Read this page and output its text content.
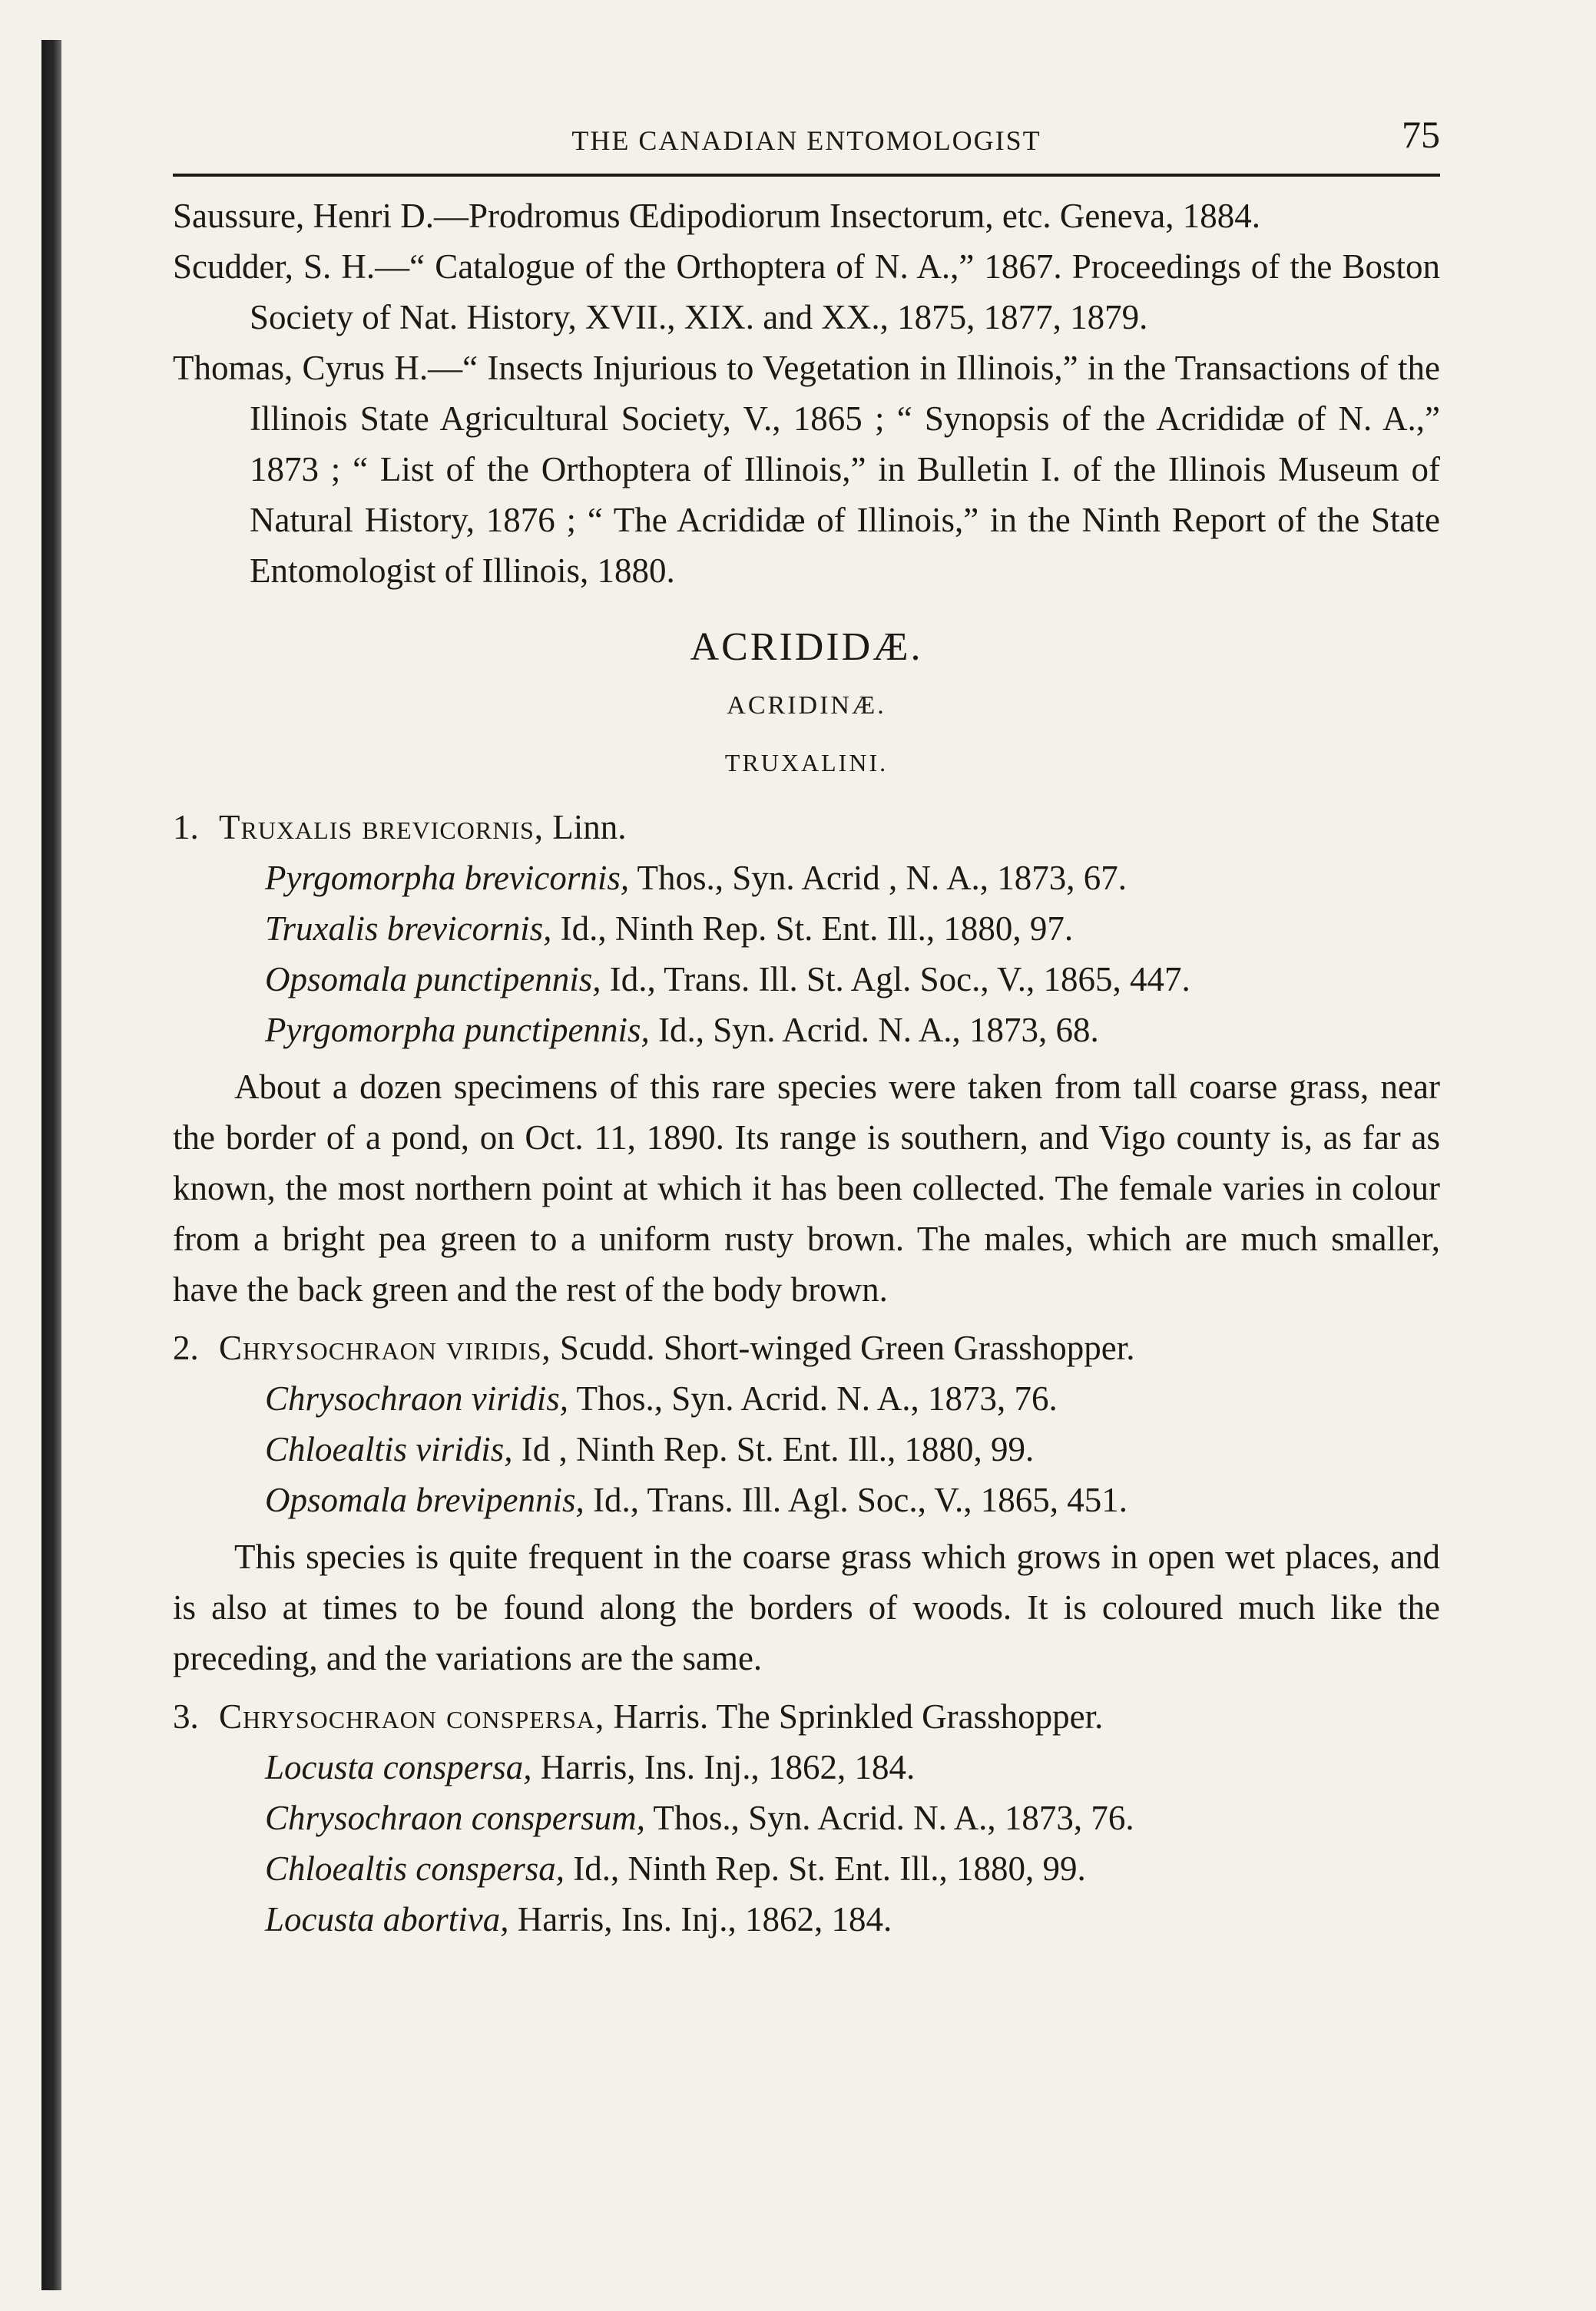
THE CANADIAN ENTOMOLOGIST	75

Saussure, Henri D.—Prodromus Œdipodiorum Insectorum, etc. Geneva, 1884.

Scudder, S. H.—“ Catalogue of the Orthoptera of N. A.,” 1867. Proceedings of the Boston Society of Nat. History, XVII., XIX. and XX., 1875, 1877, 1879.

Thomas, Cyrus H.—“ Insects Injurious to Vegetation in Illinois,” in the Transactions of the Illinois State Agricultural Society, V., 1865 ; “ Synopsis of the Acrididæ of N. A.,” 1873 ; “ List of the Orthoptera of Illinois,” in Bulletin I. of the Illinois Museum of Natural History, 1876 ; “ The Acrididæ of Illinois,” in the Ninth Report of the State Entomologist of Illinois, 1880.

ACRIDIDÆ.
ACRIDINÆ.
TRUXALINI.

1. Truxalis brevicornis, Linn.

Pyrgomorpha brevicornis, Thos., Syn. Acrid , N. A., 1873, 67.

Truxalis brevicornis, Id., Ninth Rep. St. Ent. Ill., 1880, 97.

Opsomala punctipennis, Id., Trans. Ill. St. Agl. Soc., V., 1865, 447.

Pyrgomorpha punctipennis, Id., Syn. Acrid. N. A., 1873, 68.

About a dozen specimens of this rare species were taken from tall coarse grass, near the border of a pond, on Oct. 11, 1890. Its range is southern, and Vigo county is, as far as known, the most northern point at which it has been collected. The female varies in colour from a bright pea green to a uniform rusty brown. The males, which are much smaller, have the back green and the rest of the body brown.

2. Chrysochraon viridis, Scudd. Short-winged Green Grasshopper.

Chrysochraon viridis, Thos., Syn. Acrid. N. A., 1873, 76.

Chloealtis viridis, Id , Ninth Rep. St. Ent. Ill., 1880, 99.

Opsomala brevipennis, Id., Trans. Ill. Agl. Soc., V., 1865, 451.

This species is quite frequent in the coarse grass which grows in open wet places, and is also at times to be found along the borders of woods. It is coloured much like the preceding, and the variations are the same.

3. Chrysochraon conspersa, Harris. The Sprinkled Grasshopper.

Locusta conspersa, Harris, Ins. Inj., 1862, 184.

Chrysochraon conspersum, Thos., Syn. Acrid. N. A., 1873, 76.

Chloealtis conspersa, Id., Ninth Rep. St. Ent. Ill., 1880, 99.

Locusta abortiva, Harris, Ins. Inj., 1862, 184.
